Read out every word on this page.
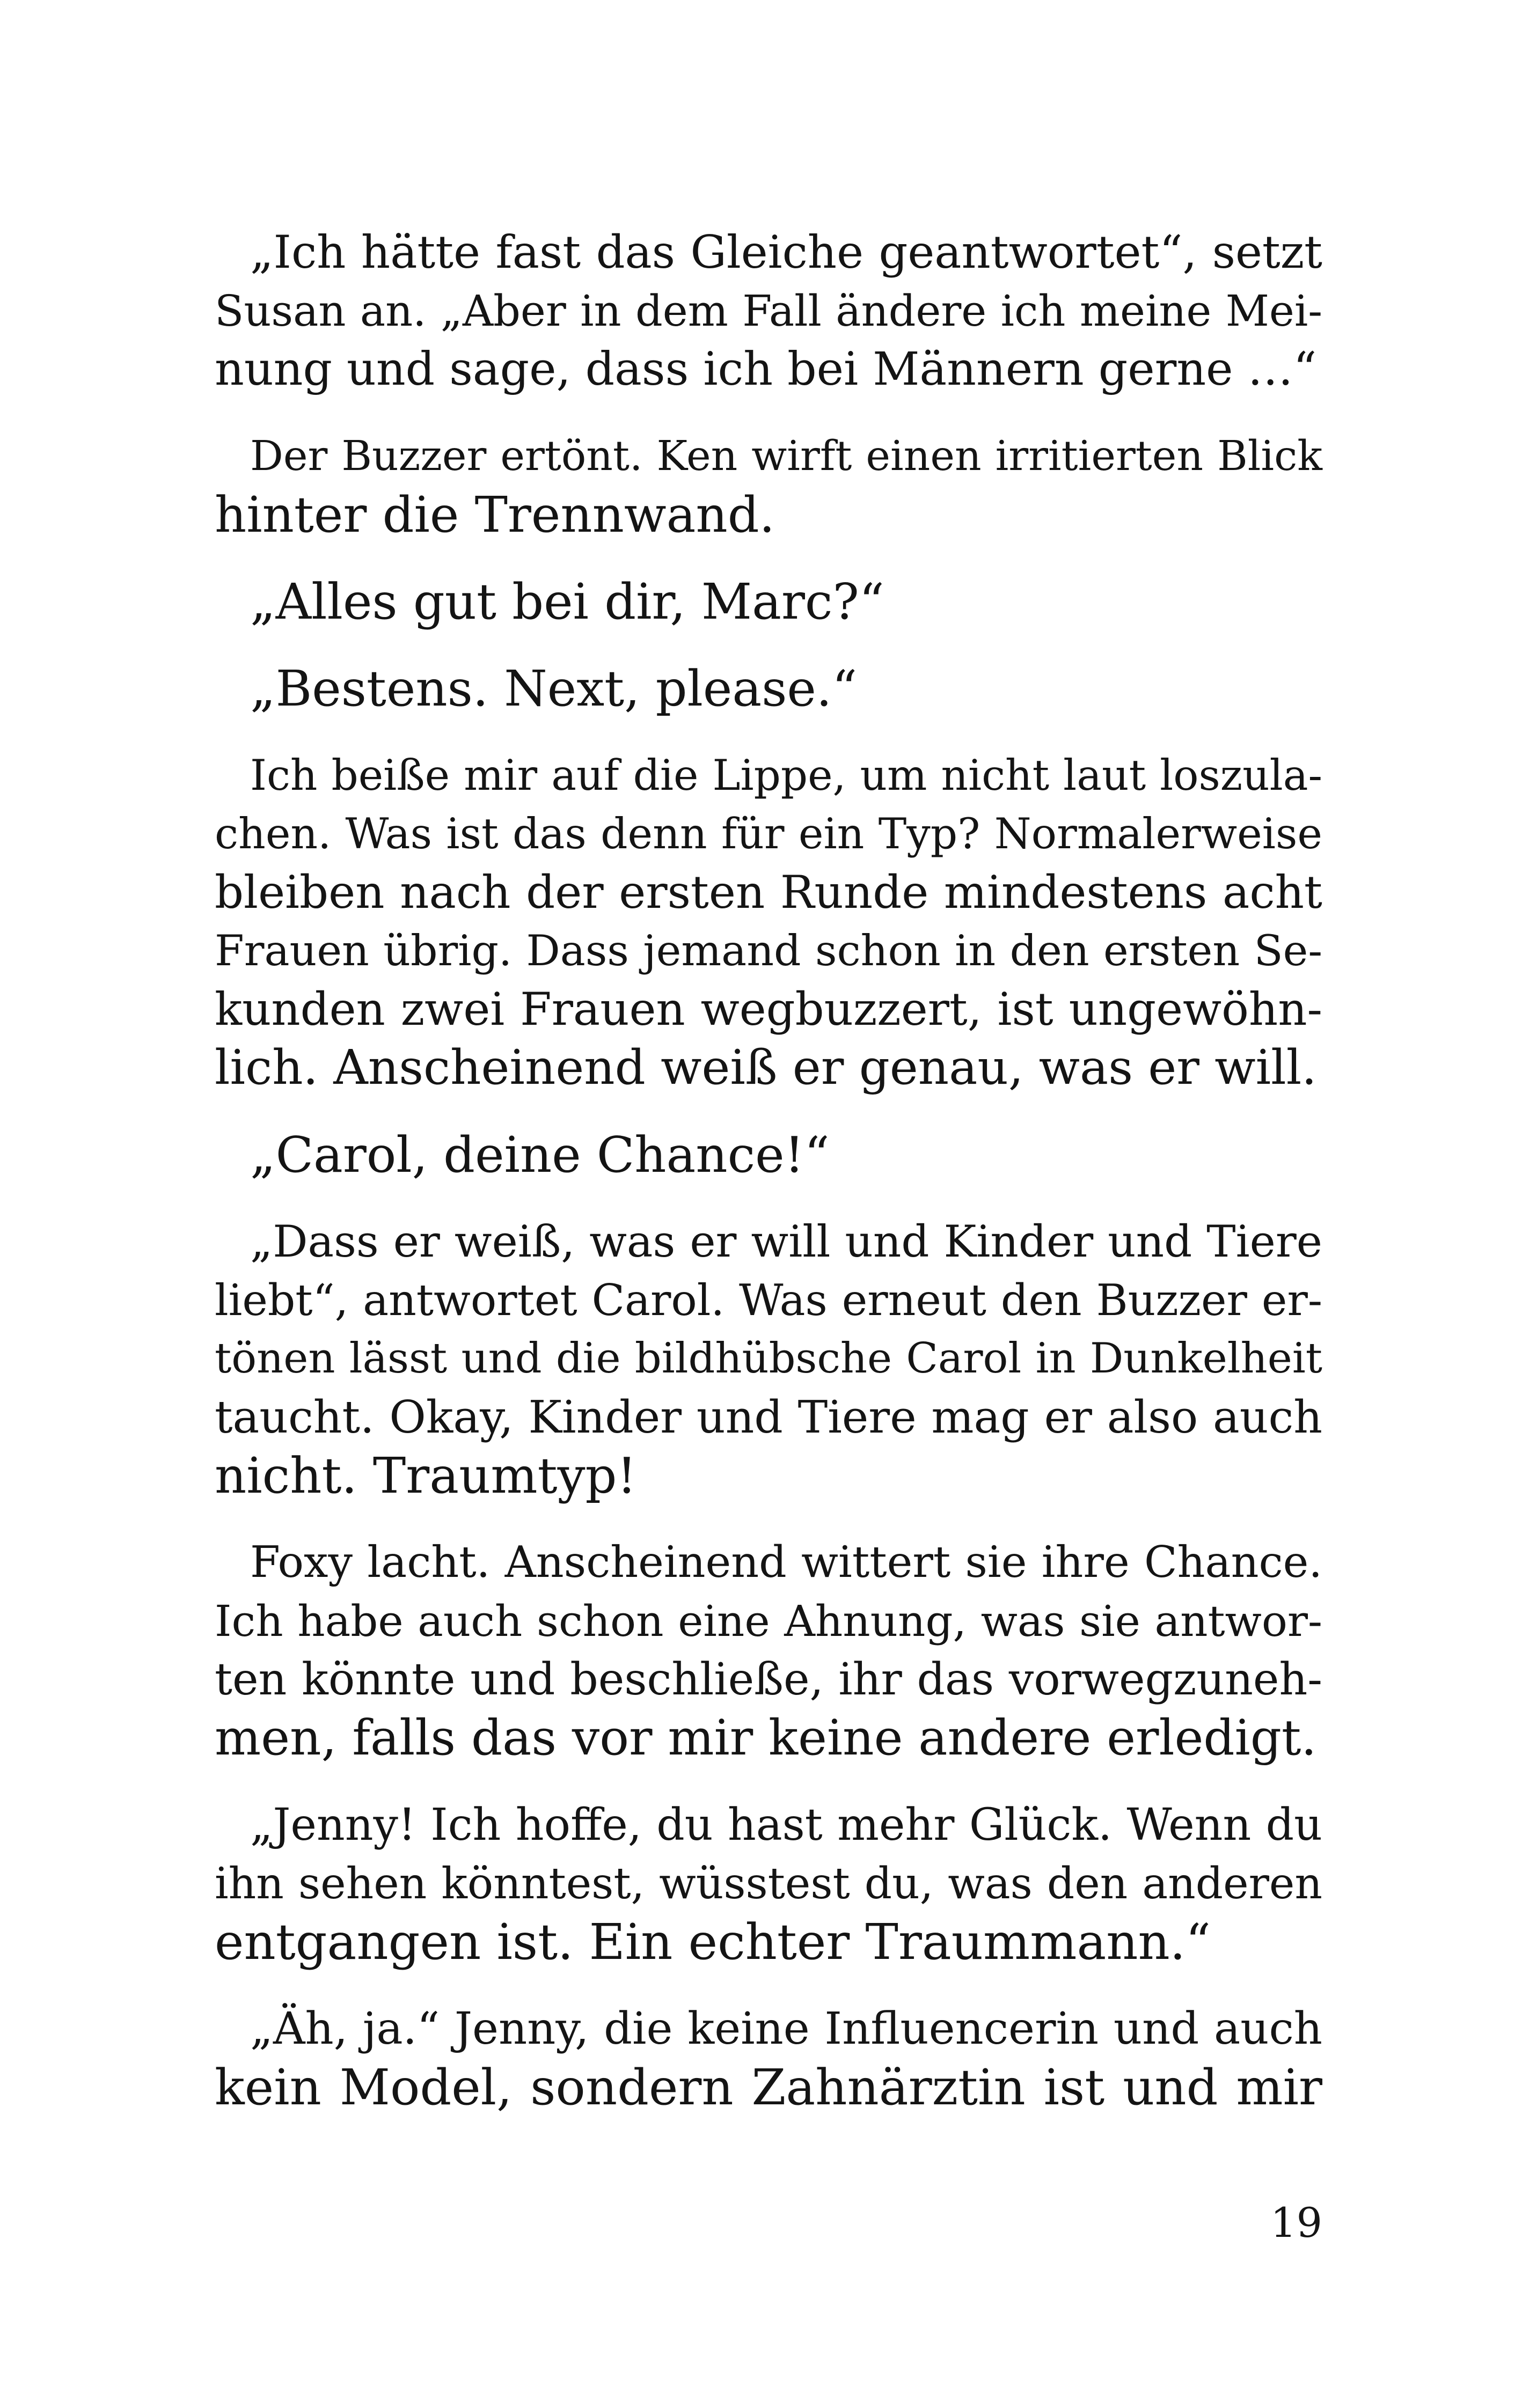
„Ich hätte fast das Gleiche geantwortet“, setzt
Susan an. „Aber in dem Fall ändere ich meine Mei-
nung und sage, dass ich bei Männern gerne …“
Der Buzzer ertönt. Ken wirft einen irritierten Blick
hinter die Trennwand.
„Alles gut bei dir, Marc?“
„Bestens. Next, please.“
Ich beiße mir auf die Lippe, um nicht laut loszula-
chen. Was ist das denn für ein Typ? Normalerweise
bleiben nach der ersten Runde mindestens acht
Frauen übrig. Dass jemand schon in den ersten Se-
kunden zwei Frauen wegbuzzert, ist ungewöhn-
lich. Anscheinend weiß er genau, was er will.
„Carol, deine Chance!“
„Dass er weiß, was er will und Kinder und Tiere
liebt“, antwortet Carol. Was erneut den Buzzer er-
tönen lässt und die bildhübsche Carol in Dunkelheit
taucht. Okay, Kinder und Tiere mag er also auch
nicht. Traumtyp!
Foxy lacht. Anscheinend wittert sie ihre Chance.
Ich habe auch schon eine Ahnung, was sie antwor-
ten könnte und beschließe, ihr das vorwegzuneh-
men, falls das vor mir keine andere erledigt.
„Jenny! Ich hoffe, du hast mehr Glück. Wenn du
ihn sehen könntest, wüsstest du, was den anderen
entgangen ist. Ein echter Traummann.“
„Äh, ja.“ Jenny, die keine Influencerin und auch
kein Model, sondern Zahnärztin ist und mir
19
